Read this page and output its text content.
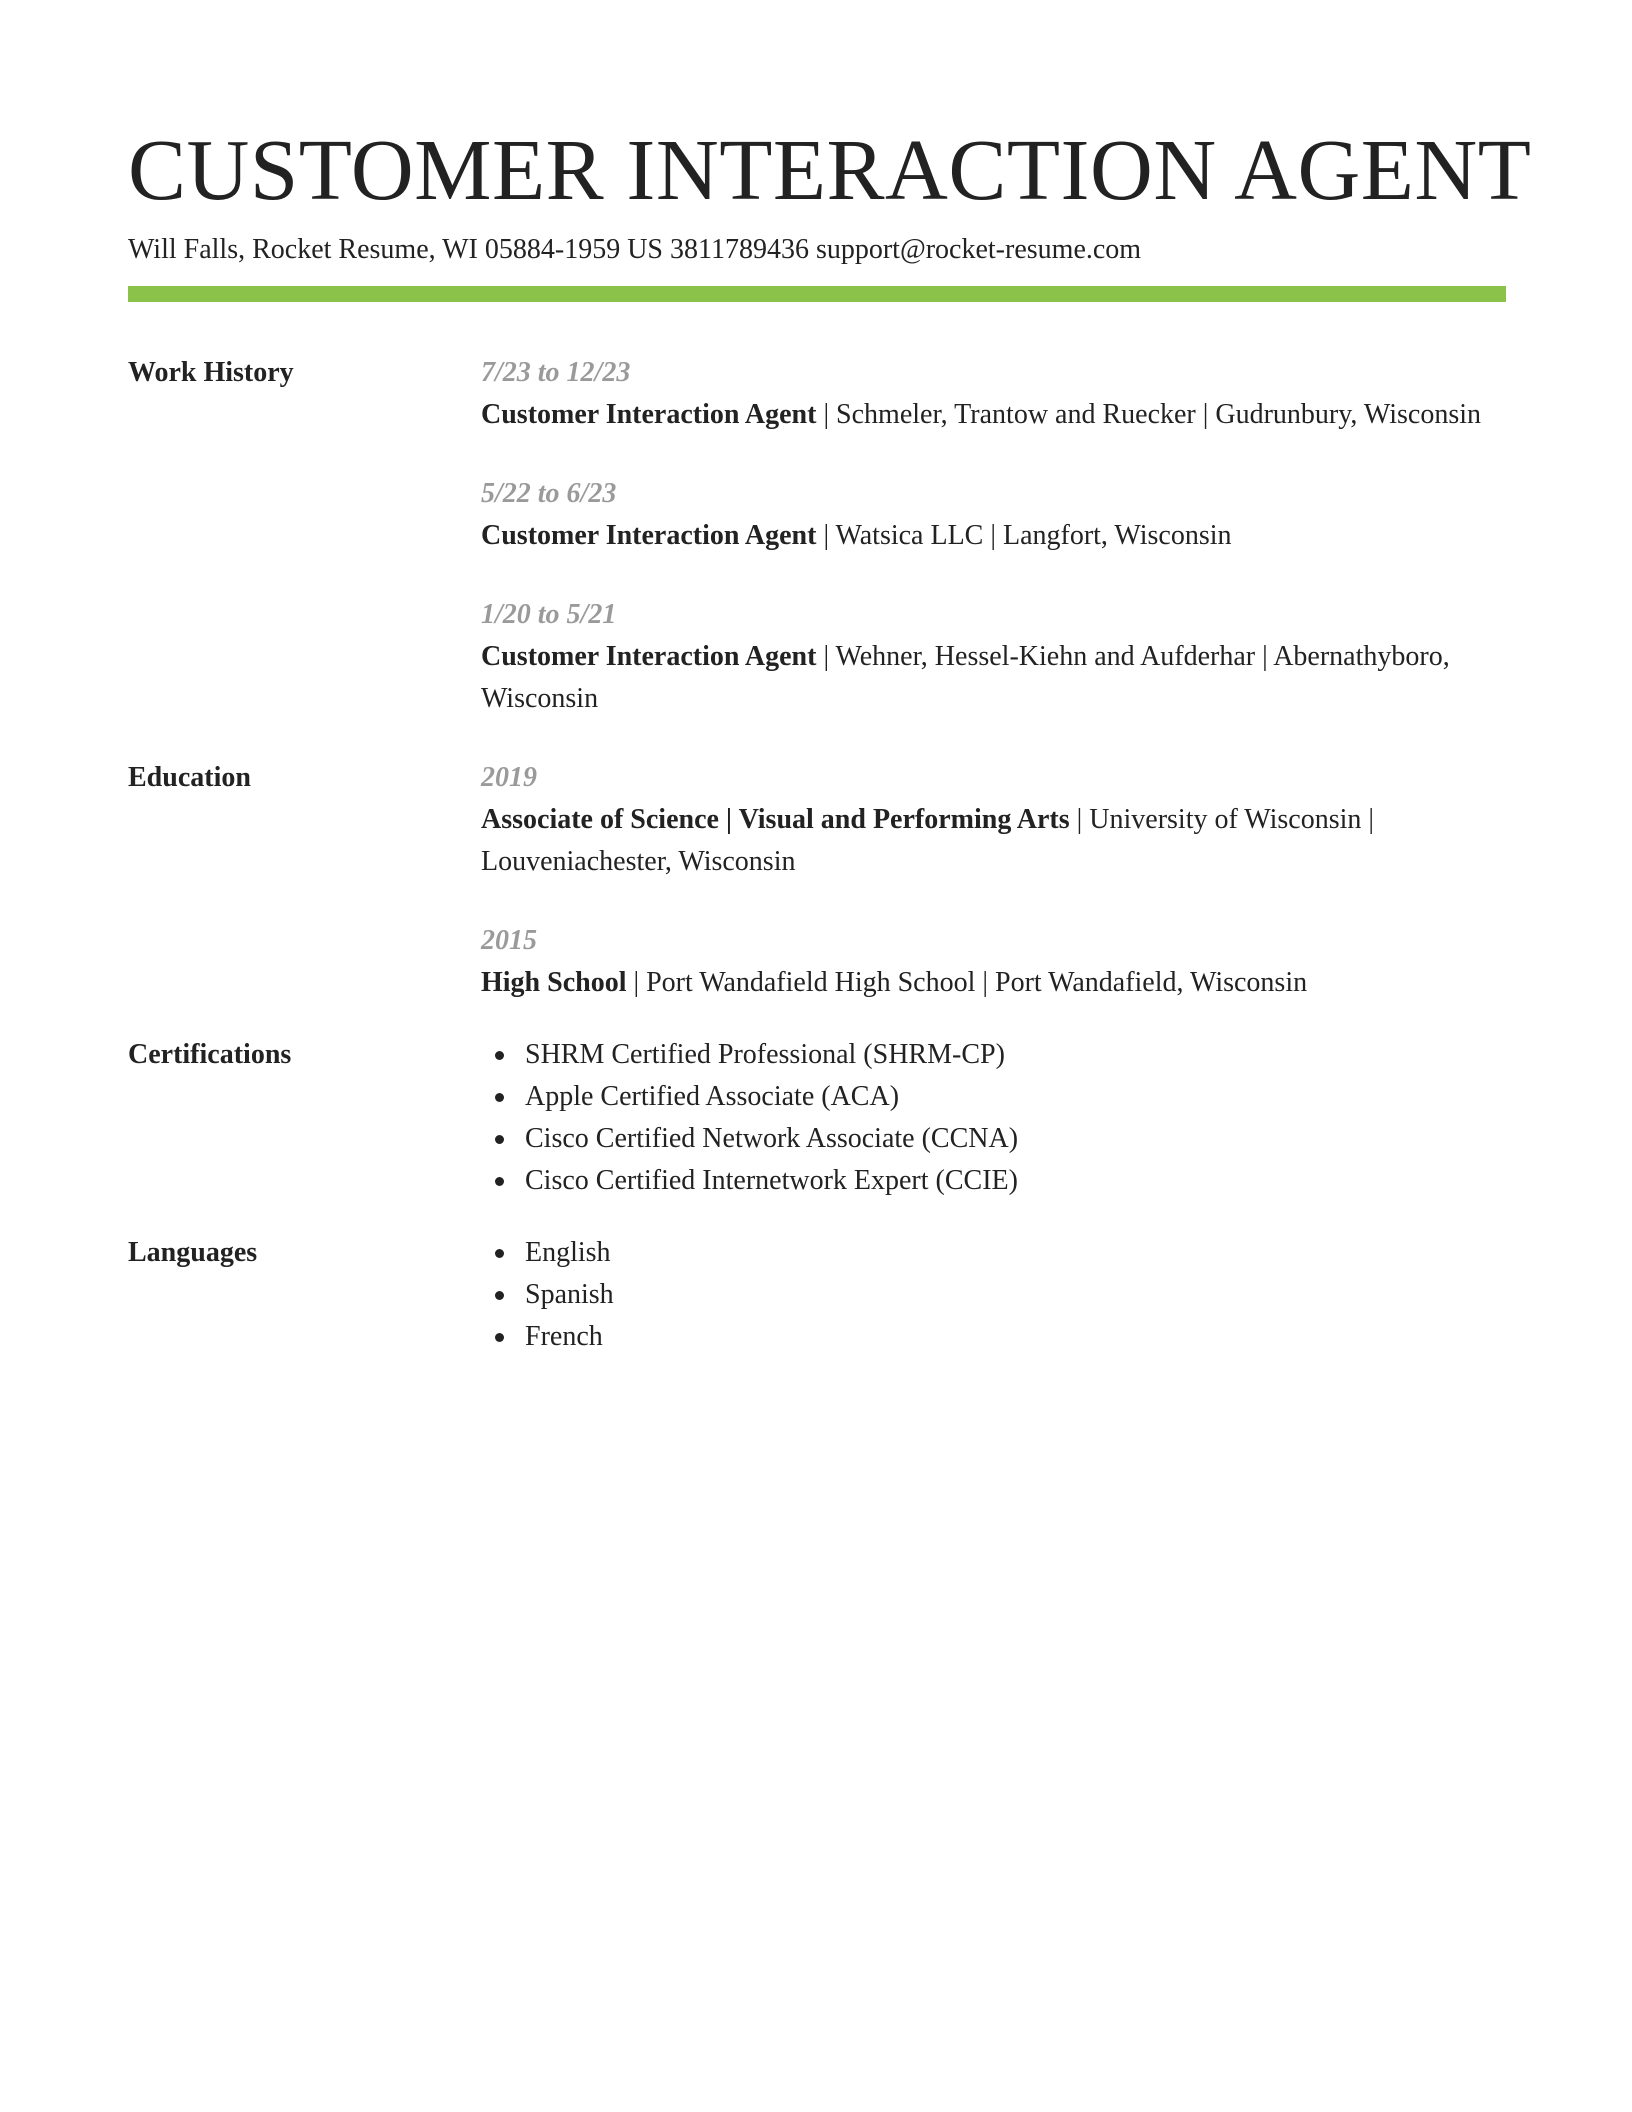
CUSTOMER INTERACTION AGENT
Will Falls, Rocket Resume, WI 05884-1959 US 3811789436 support@rocket-resume.com
Work History	7/23 to 12/23
Customer Interaction Agent | Schmeler, Trantow and Ruecker | Gudrunbury, Wisconsin
5/22 to 6/23
Customer Interaction Agent | Watsica LLC | Langfort, Wisconsin
1/20 to 5/21
Customer Interaction Agent | Wehner, Hessel-Kiehn and Aufderhar | Abernathyboro, Wisconsin
Education	2019
Associate of Science | Visual and Performing Arts | University of Wisconsin | Louveniachester, Wisconsin
2015
High School | Port Wandafield High School | Port Wandafield, Wisconsin
Certifications	SHRM Certified Professional (SHRM-CP)
Apple Certified Associate (ACA)
Cisco Certified Network Associate (CCNA)
Cisco Certified Internetwork Expert (CCIE)
Languages	English
Spanish
French
